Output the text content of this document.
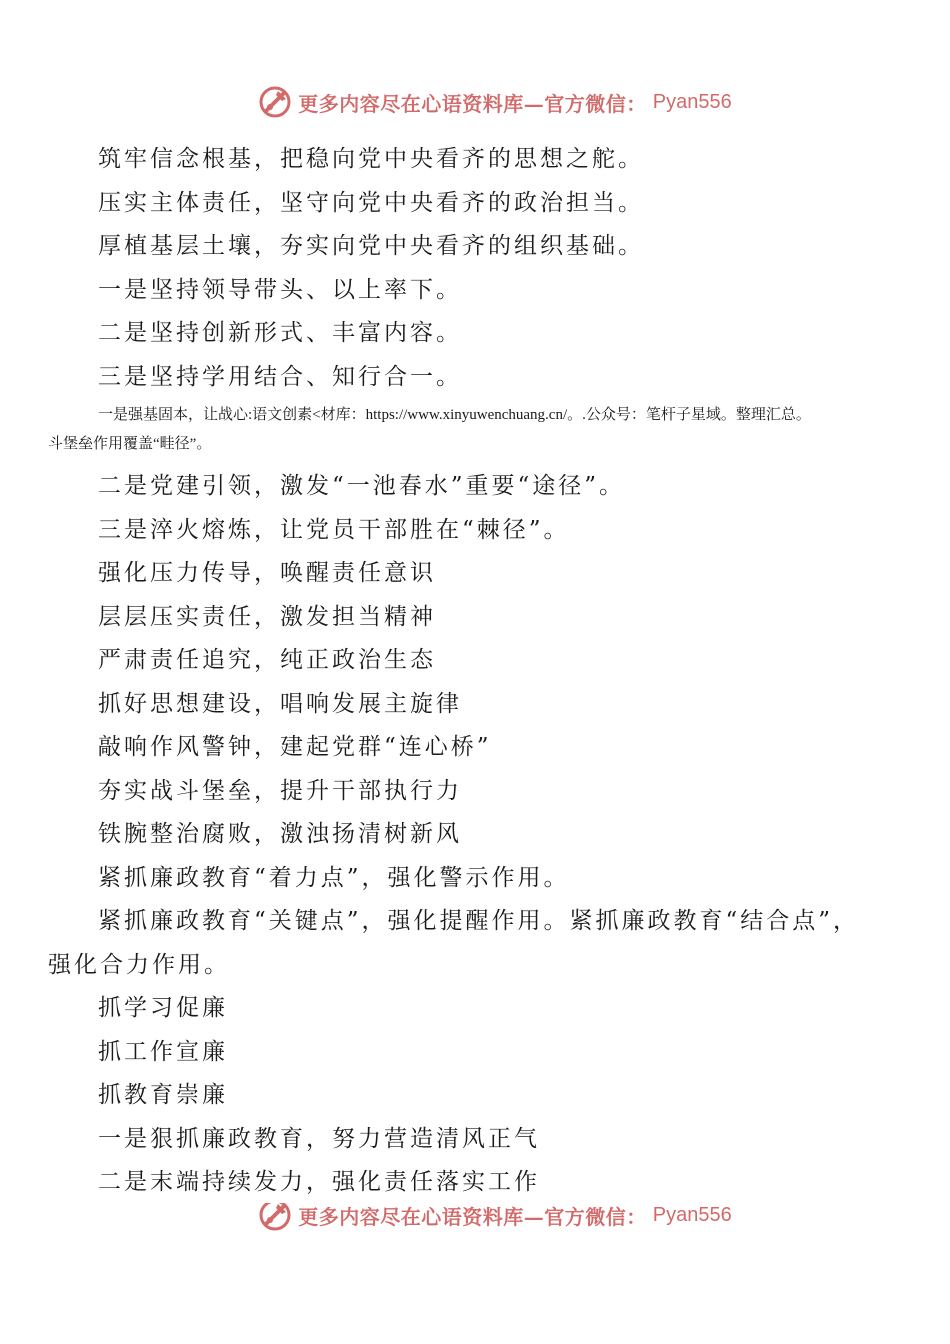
更多内容尽在心语资料库—官方微信： Pyan556
筑牢信念根基，把稳向党中央看齐的思想之舵。
压实主体责任，坚守向党中央看齐的政治担当。
厚植基层土壤，夯实向党中央看齐的组织基础。
一是坚持领导带头、以上率下。
二是坚持创新形式、丰富内容。
三是坚持学用结合、知行合一。
一是强基固本，让战心:语文创素<材库：https://www.xinyuwenchuang.cn/。.公众号：笔杆子星域。整理汇总。
斗堡垒作用覆盖“畦径”。
二是党建引领，激发“一池春水”重要“途径”。
三是淬火熔炼，让党员干部胜在“棘径”。
强化压力传导，唤醒责任意识
层层压实责任，激发担当精神
严肃责任追究，纯正政治生态
抓好思想建设，唱响发展主旋律
敲响作风警钟，建起党群“连心桥”
夯实战斗堡垒，提升干部执行力
铁腕整治腐败，激浊扬清树新风
紧抓廉政教育“着力点”，强化警示作用。
紧抓廉政教育“关键点”，强化提醒作用。紧抓廉政教育“结合点”，
强化合力作用。
抓学习促廉
抓工作宣廉
抓教育崇廉
一是狠抓廉政教育，努力营造清风正气
二是末端持续发力，强化责任落实工作
更多内容尽在心语资料库—官方微信： Pyan556
